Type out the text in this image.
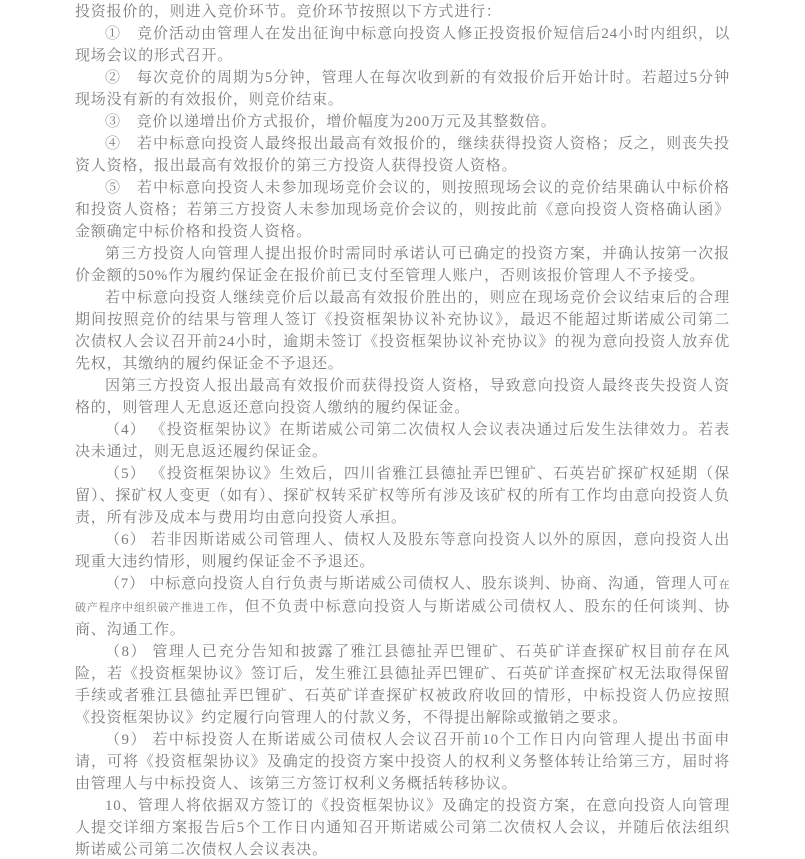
投资报价的，则进入竞价环节。竞价环节按照以下方式进行：

①　竞价活动由管理人在发出征询中标意向投资人修正投资报价短信后24小时内组织，以现场会议的形式召开。

②　每次竞价的周期为5分钟，管理人在每次收到新的有效报价后开始计时。若超过5分钟现场没有新的有效报价，则竞价结束。

③　竞价以递增出价方式报价，增价幅度为200万元及其整数倍。

④　若中标意向投资人最终报出最高有效报价的，继续获得投资人资格；反之，则丧失投资人资格，报出最高有效报价的第三方投资人获得投资人资格。

⑤　若中标意向投资人未参加现场竞价会议的，则按照现场会议的竞价结果确认中标价格和投资人资格；若第三方投资人未参加现场竞价会议的，则按此前《意向投资人资格确认函》金额确定中标价格和投资人资格。

第三方投资人向管理人提出报价时需同时承诺认可已确定的投资方案，并确认按第一次报价金额的50%作为履约保证金在报价前已支付至管理人账户，否则该报价管理人不予接受。

若中标意向投资人继续竞价后以最高有效报价胜出的，则应在现场竞价会议结束后的合理期间按照竞价的结果与管理人签订《投资框架协议补充协议》，最迟不能超过斯诺威公司第二次债权人会议召开前24小时，逾期未签订《投资框架协议补充协议》的视为意向投资人放弃优先权，其缴纳的履约保证金不予退还。

因第三方投资人报出最高有效报价而获得投资人资格，导致意向投资人最终丧失投资人资格的，则管理人无息返还意向投资人缴纳的履约保证金。

（4） 《投资框架协议》在斯诺威公司第二次债权人会议表决通过后发生法律效力。若表决未通过，则无息返还履约保证金。

（5） 《投资框架协议》生效后，四川省雅江县德扯弄巴锂矿、石英岩矿探矿权延期（保留）、探矿权人变更（如有）、探矿权转采矿权等所有涉及该矿权的所有工作均由意向投资人负责，所有涉及成本与费用均由意向投资人承担。

（6） 若非因斯诺威公司管理人、债权人及股东等意向投资人以外的原因，意向投资人出现重大违约情形，则履约保证金不予退还。

（7） 中标意向投资人自行负责与斯诺威公司债权人、股东谈判、协商、沟通，管理人可在破产程序中组织破产推进工作，但不负责中标意向投资人与斯诺威公司债权人、股东的任何谈判、协商、沟通工作。

（8） 管理人已充分告知和披露了雅江县德扯弄巴锂矿、石英矿详查探矿权目前存在风险，若《投资框架协议》签订后，发生雅江县德扯弄巴锂矿、石英矿详查探矿权无法取得保留手续或者雅江县德扯弄巴锂矿、石英矿详查探矿权被政府收回的情形，中标投资人仍应按照《投资框架协议》约定履行向管理人的付款义务，不得提出解除或撤销之要求。

（9） 若中标投资人在斯诺威公司债权人会议召开前10个工作日内向管理人提出书面申请，可将《投资框架协议》及确定的投资方案中投资人的权利义务整体转让给第三方，届时将由管理人与中标投资人、该第三方签订权利义务概括转移协议。

10、管理人将依据双方签订的《投资框架协议》及确定的投资方案，在意向投资人向管理人提交详细方案报告后5个工作日内通知召开斯诺威公司第二次债权人会议，并随后依法组织斯诺威公司第二次债权人会议表决。
